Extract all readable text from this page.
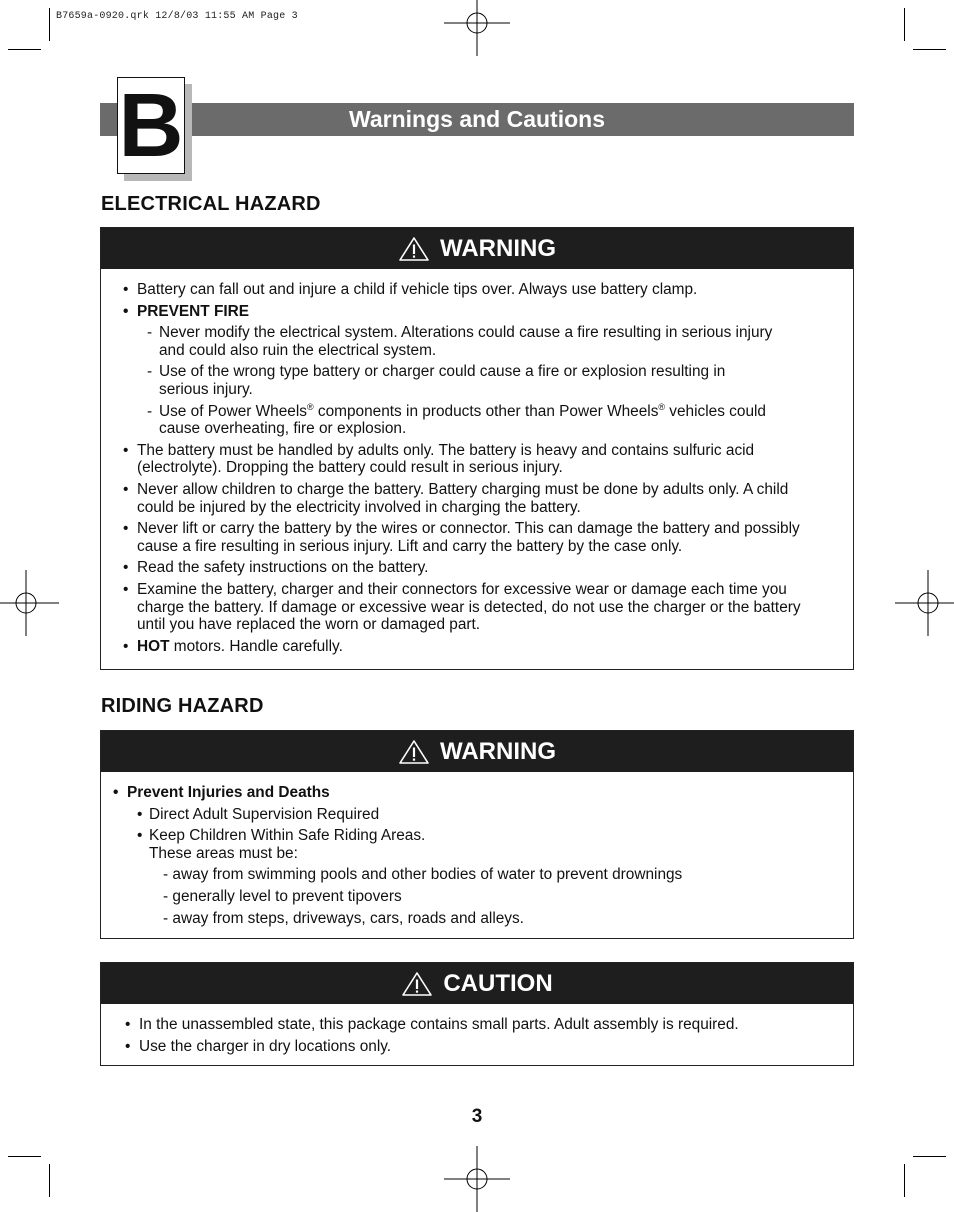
B7659a-0920.qrk 12/8/03 11:55 AM Page 3
B	Warnings and Cautions
ELECTRICAL HAZARD
WARNING
• Battery can fall out and injure a child if vehicle tips over. Always use battery clamp.
• PREVENT FIRE
- Never modify the electrical system. Alterations could cause a fire resulting in serious injury and could also ruin the electrical system.
- Use of the wrong type battery or charger could cause a fire or explosion resulting in serious injury.
- Use of Power Wheels® components in products other than Power Wheels® vehicles could cause overheating, fire or explosion.
• The battery must be handled by adults only. The battery is heavy and contains sulfuric acid (electrolyte). Dropping the battery could result in serious injury.
• Never allow children to charge the battery. Battery charging must be done by adults only. A child could be injured by the electricity involved in charging the battery.
• Never lift or carry the battery by the wires or connector. This can damage the battery and possibly cause a fire resulting in serious injury. Lift and carry the battery by the case only.
• Read the safety instructions on the battery.
• Examine the battery, charger and their connectors for excessive wear or damage each time you charge the battery. If damage or excessive wear is detected, do not use the charger or the battery until you have replaced the worn or damaged part.
• HOT motors. Handle carefully.
RIDING HAZARD
WARNING
• Prevent Injuries and Deaths
• Direct Adult Supervision Required
• Keep Children Within Safe Riding Areas.
These areas must be:
- away from swimming pools and other bodies of water to prevent drownings
- generally level to prevent tipovers
- away from steps, driveways, cars, roads and alleys.
CAUTION
• In the unassembled state, this package contains small parts. Adult assembly is required.
• Use the charger in dry locations only.
3
